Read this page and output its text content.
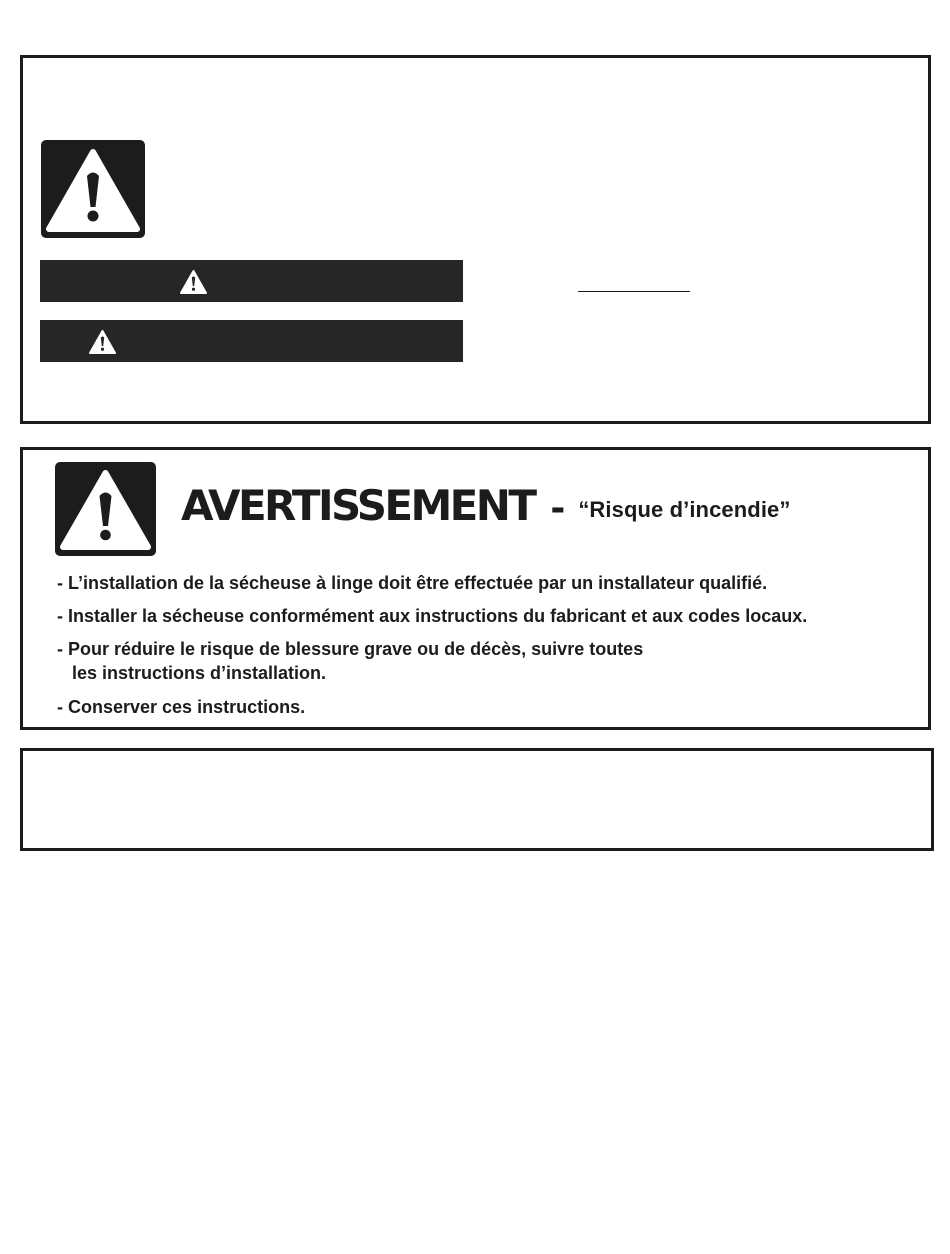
AVERTISSEMENT - “Risque d’incendie”

- L’installation de la sécheuse à linge doit être effectuée par un installateur qualifié.

- Installer la sécheuse conformément aux instructions du fabricant et aux codes locaux.

- Pour réduire le risque de blessure grave ou de décès, suivre toutes

les instructions d’installation.

- Conserver ces instructions.
